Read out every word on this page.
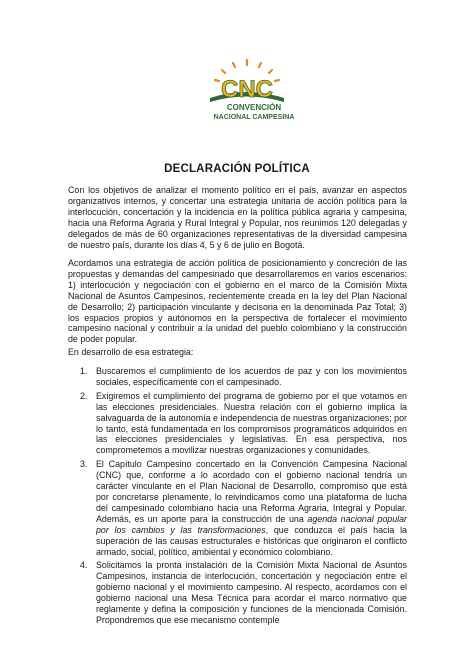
CNC
CONVENCIÓN
NACIONAL CAMPESINA
DECLARACIÓN POLÍTICA

Con los objetivos de analizar el momento político en el país, avanzar en aspectos organizativos internos, y concertar una estrategia unitaria de acción política para la interlocución, concertación y la incidencia en la política pública agraria y campesina, hacia una Reforma Agraria y Rural Integral y Popular, nos reunimos 120 delegadas y delegados de más de 60 organizaciones representativas de la diversidad campesina de nuestro país, durante los días 4, 5 y 6 de julio en Bogotá.

Acordamos una estrategia de acción política de posicionamiento y concreción de las propuestas y demandas del campesinado que desarrollaremos en varios escenarios: 1) interlocución y negociación con el gobierno en el marco de la Comisión Mixta Nacional de Asuntos Campesinos, recientemente creada en la ley del Plan Nacional de Desarrollo; 2) participación vinculante y decisoria en la denominada Paz Total; 3) los espacios propios y autónomos en la perspectiva de fortalecer el movimiento campesino nacional y contribuir a la unidad del pueblo colombiano y la construcción de poder popular.

En desarrollo de esa estrategia:

1. Buscaremos el cumplimiento de los acuerdos de paz y con los movimientos sociales, específicamente con el campesinado.
2. Exigiremos el cumplimiento del programa de gobierno por el que votamos en las elecciones presidenciales. Nuestra relación con el gobierno implica la salvaguarda de la autonomía e independencia de nuestras organizaciones; por lo tanto, está fundamentada en los compromisos programáticos adquiridos en las elecciones presidenciales y legislativas. En esa perspectiva, nos comprometemos a movilizar nuestras organizaciones y comunidades.
3. El Capítulo Campesino concertado en la Convención Campesina Nacional (CNC) que, conforme a lo acordado con el gobierno nacional tendría un carácter vinculante en el Plan Nacional de Desarrollo, compromiso que está por concretarse plenamente, lo reivindicamos como una plataforma de lucha del campesinado colombiano hacia una Reforma Agraria, Integral y Popular. Además, es un aporte para la construcción de una agenda nacional popular por los cambios y las transformaciones, que conduzca el país hacia la superación de las causas estructurales e históricas que originaron el conflicto armado, social, político, ambiental y económico colombiano.
4. Solicitamos la pronta instalación de la Comisión Mixta Nacional de Asuntos Campesinos, instancia de interlocución, concertación y negociación entre el gobierno nacional y el movimiento campesino. Al respecto, acordamos con el gobierno nacional una Mesa Técnica para acordar el marco normativo que reglamente y defina la composición y funciones de la mencionada Comisión. Propondremos que ese mecanismo contemple
